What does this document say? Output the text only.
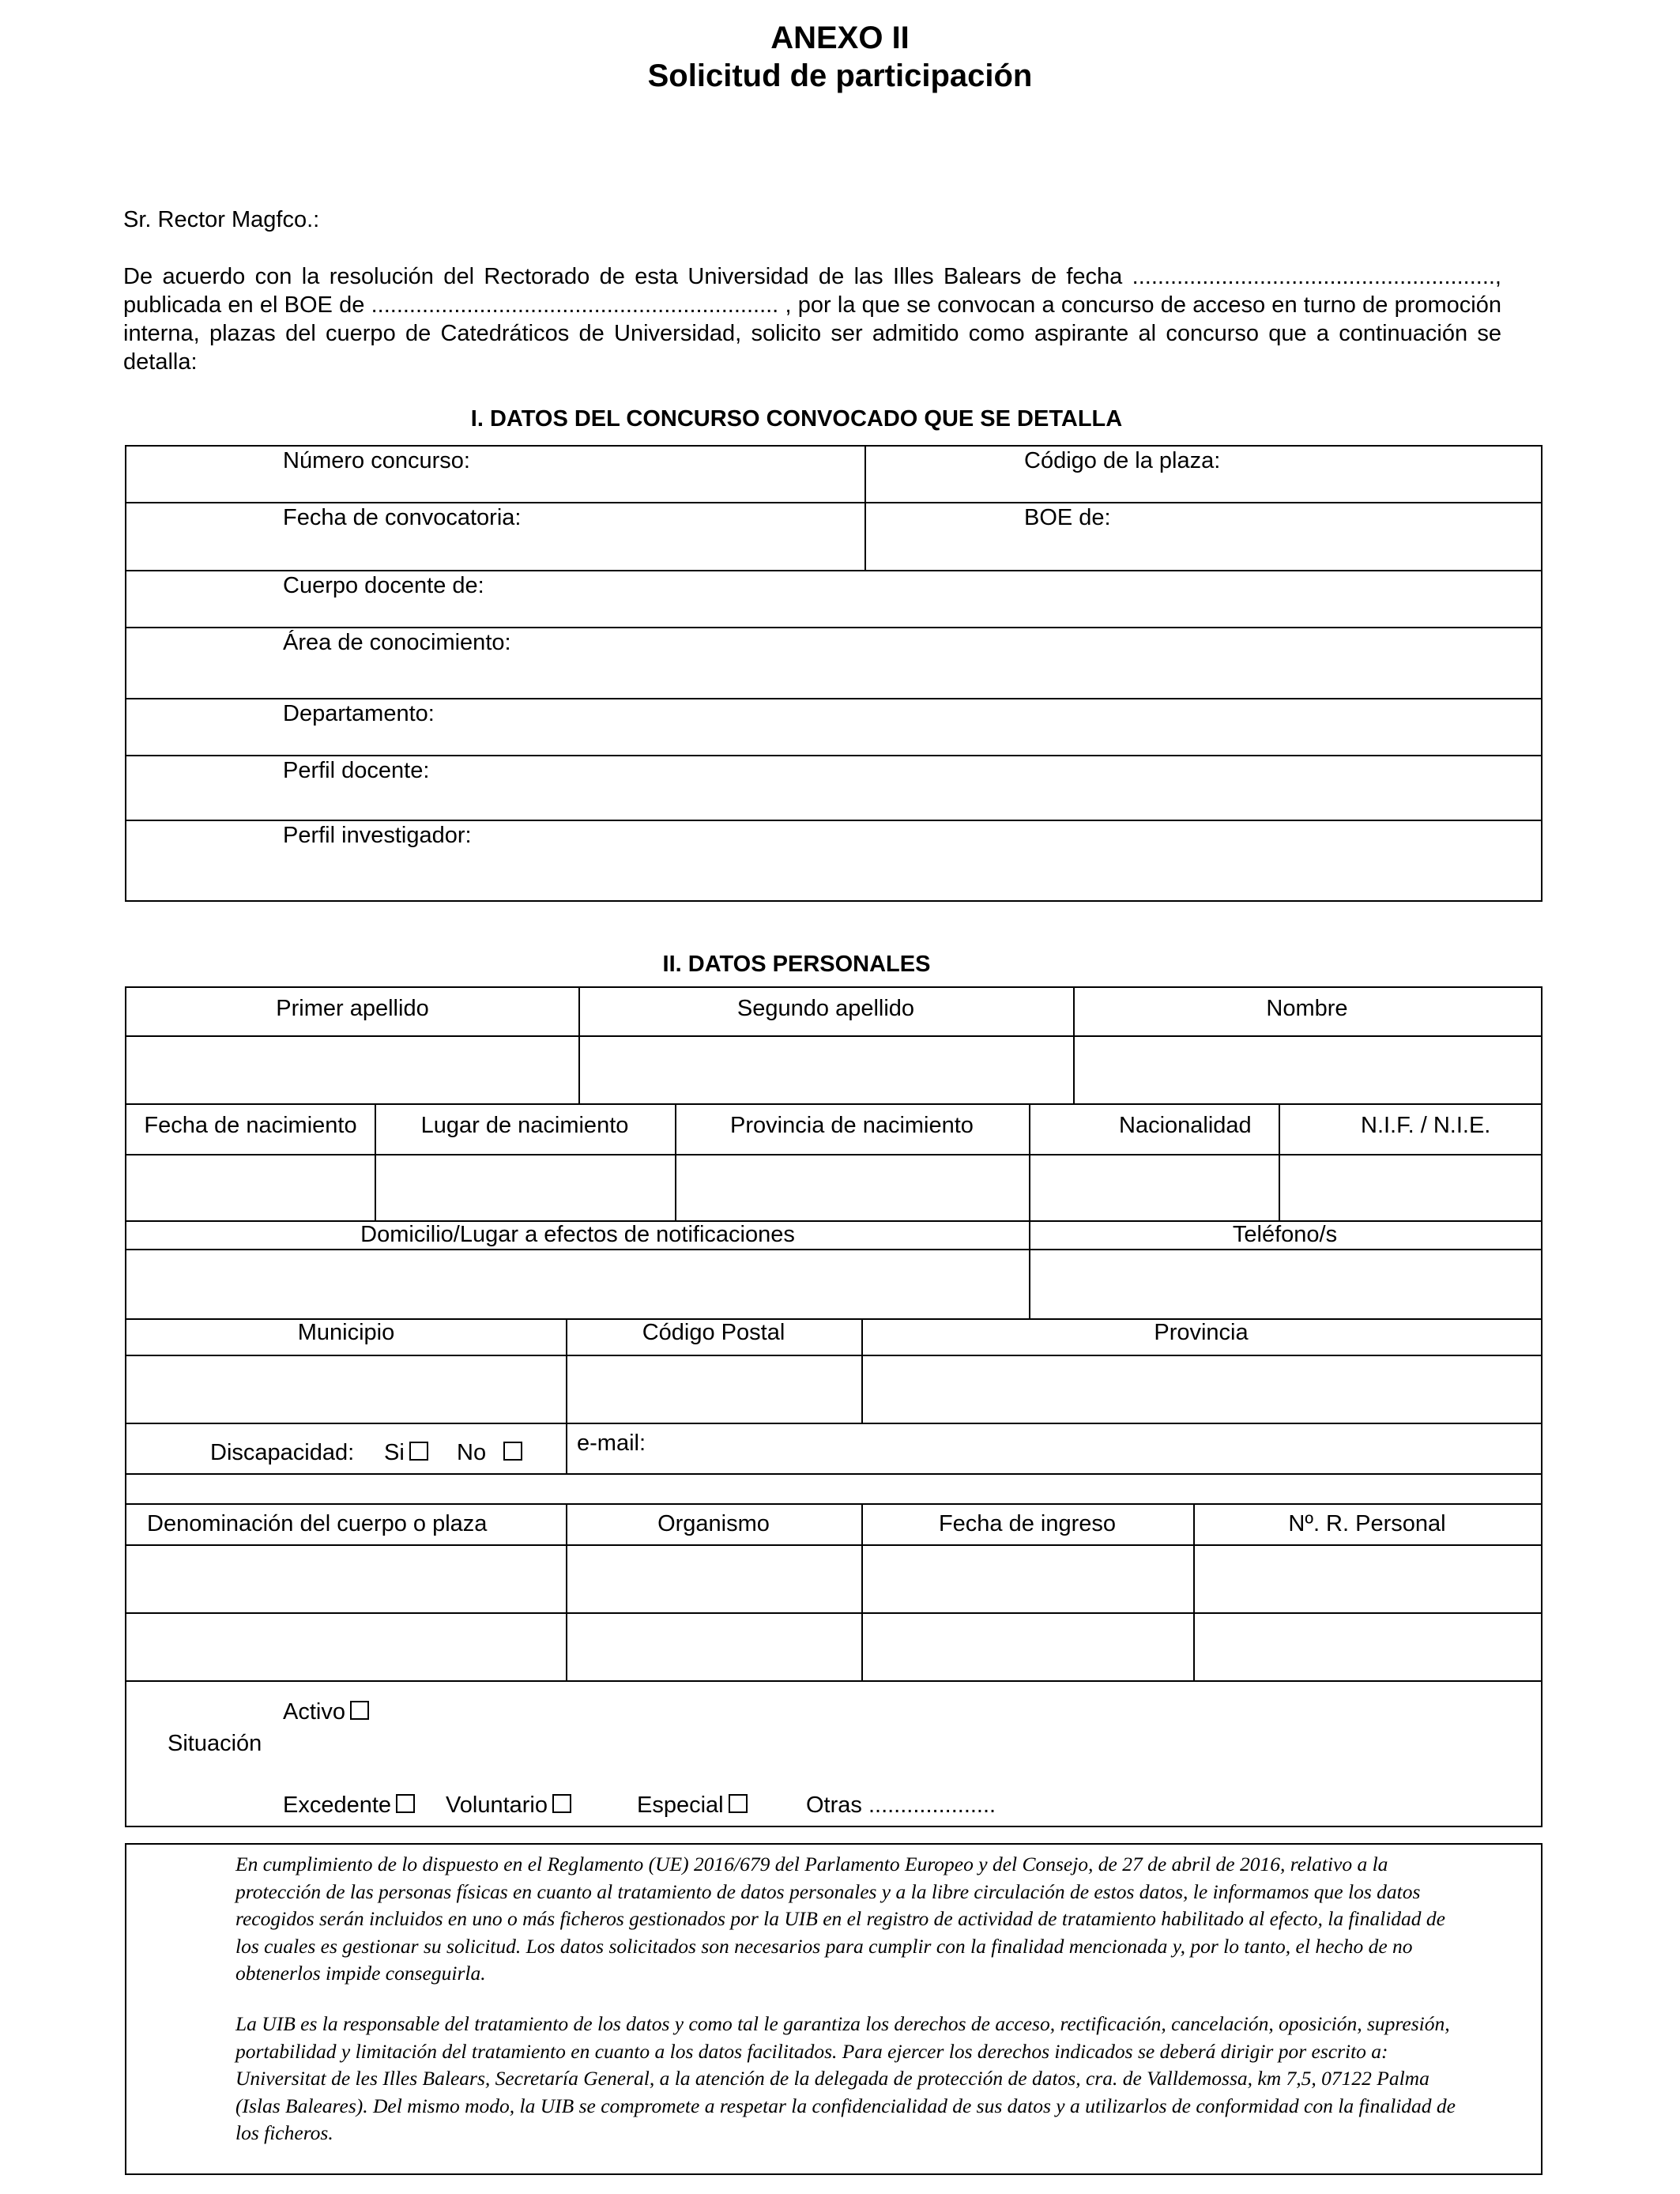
ANEXO II
Solicitud de participación
Sr. Rector Magfco.:
De acuerdo con la resolución del Rectorado de esta Universidad de las Illes Balears de fecha ........................................................., publicada en el BOE de ................................................................ , por la que se convocan a concurso de acceso en turno de promoción interna, plazas del cuerpo de Catedráticos de Universidad, solicito ser admitido como aspirante al concurso que a continuación se detalla:
I. DATOS DEL CONCURSO CONVOCADO QUE SE DETALLA
Número concurso:	Código de la plaza:
Fecha de convocatoria:	BOE de:
Cuerpo docente de:
Área de conocimiento:
Departamento:
Perfil docente:
Perfil investigador:
II. DATOS PERSONALES
Primer apellido	Segundo apellido	Nombre
Fecha de nacimiento	Lugar de nacimiento	Provincia de nacimiento	Nacionalidad	N.I.F. / N.I.E.
Domicilio/Lugar a efectos de notificaciones	Teléfono/s
Municipio	Código Postal	Provincia
Discapacidad: Si	No	e-mail:
Denominación del cuerpo o plaza	Organismo	Fecha de ingreso	Nº. R. Personal
Situación
Activo
Excedente	Voluntario	Especial	Otras ....................
En cumplimiento de lo dispuesto en el Reglamento (UE) 2016/679 del Parlamento Europeo y del Consejo, de 27 de abril de 2016, relativo a la protección de las personas físicas en cuanto al tratamiento de datos personales y a la libre circulación de estos datos, le informamos que los datos recogidos serán incluidos en uno o más ficheros gestionados por la UIB en el registro de actividad de tratamiento habilitado al efecto, la finalidad de los cuales es gestionar su solicitud. Los datos solicitados son necesarios para cumplir con la finalidad mencionada y, por lo tanto, el hecho de no obtenerlos impide conseguirla.
La UIB es la responsable del tratamiento de los datos y como tal le garantiza los derechos de acceso, rectificación, cancelación, oposición, supresión, portabilidad y limitación del tratamiento en cuanto a los datos facilitados. Para ejercer los derechos indicados se deberá dirigir por escrito a: Universitat de les Illes Balears, Secretaría General, a la atención de la delegada de protección de datos, cra. de Valldemossa, km 7,5, 07122 Palma (Islas Baleares). Del mismo modo, la UIB se compromete a respetar la confidencialidad de sus datos y a utilizarlos de conformidad con la finalidad de los ficheros.
